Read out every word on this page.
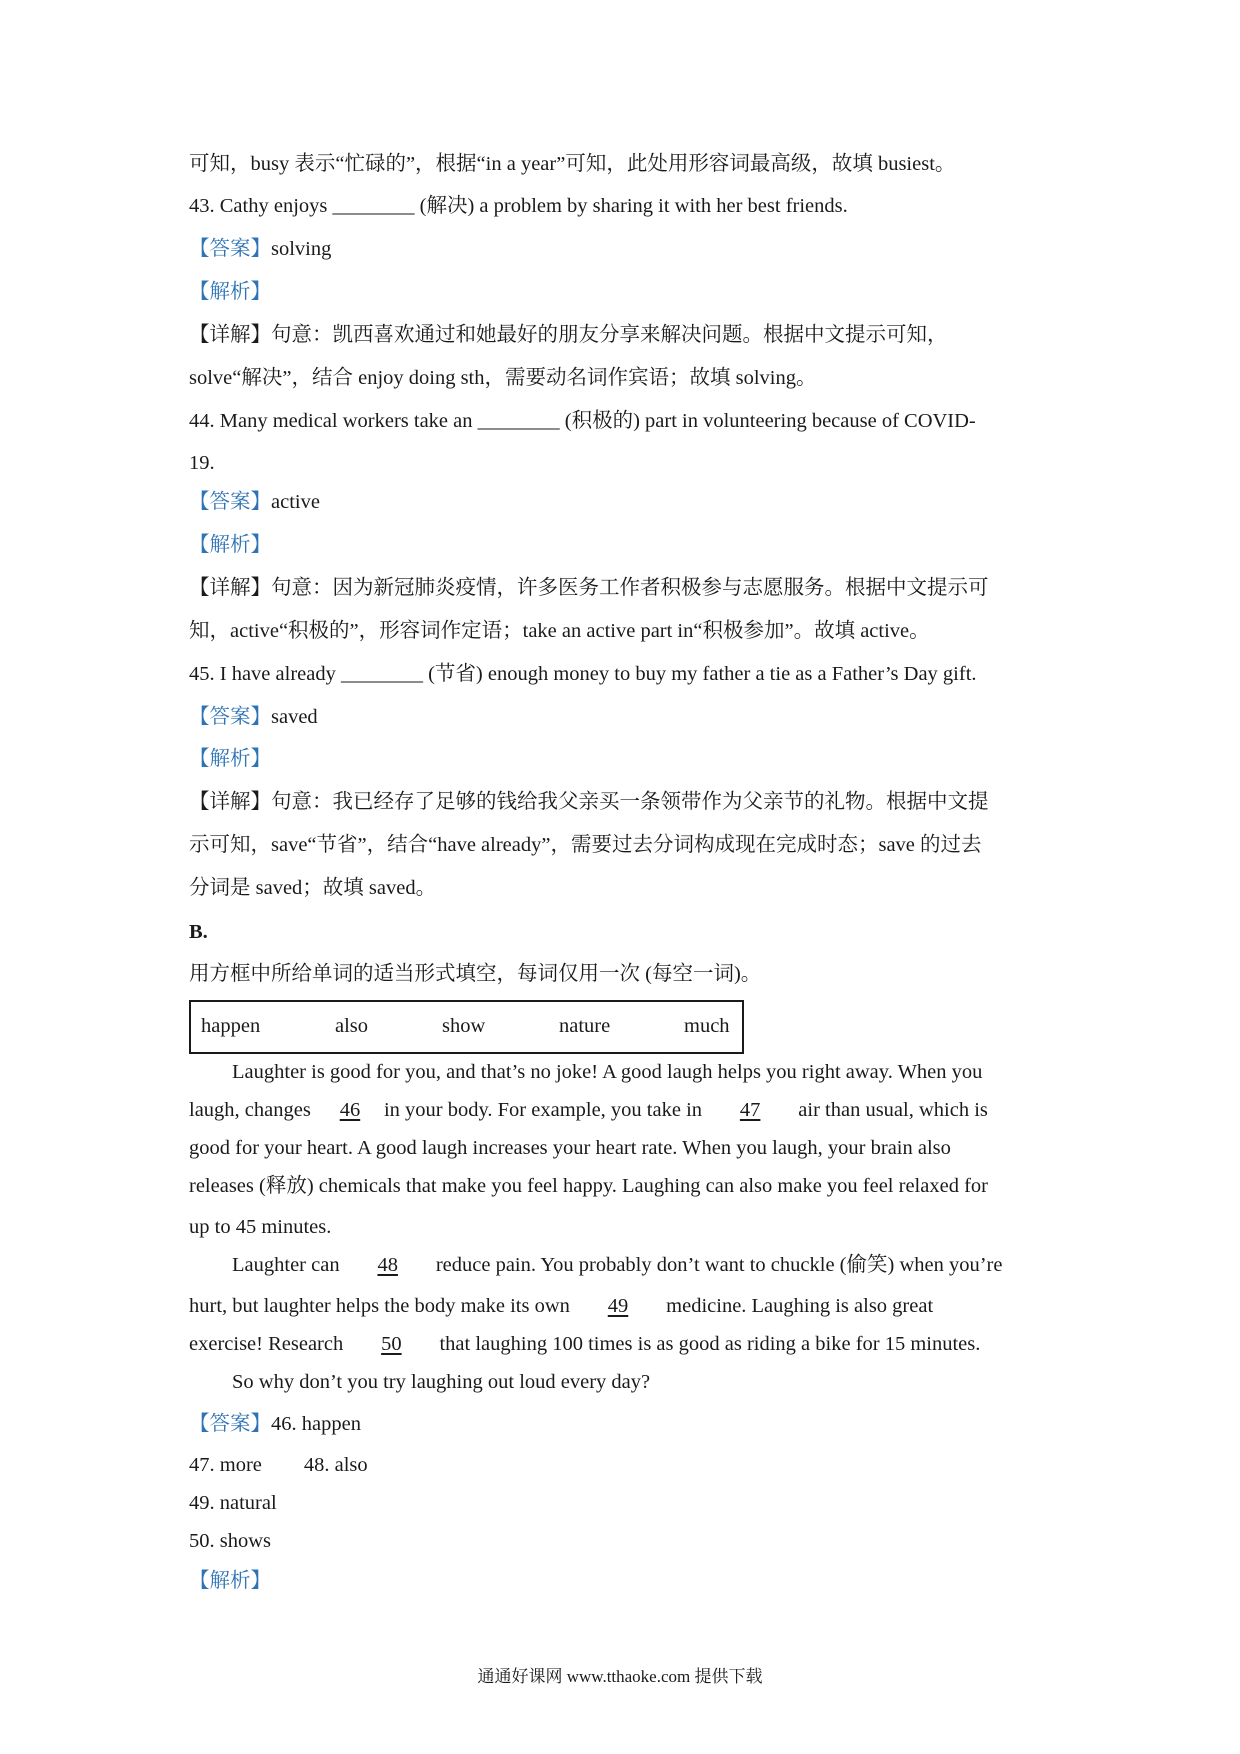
可知，busy 表示“忙碌的”，根据“in a year”可知，此处用形容词最高级，故填 busiest。
43. Cathy enjoys ________ (解决) a problem by sharing it with her best friends.
【答案】solving
【解析】
【详解】句意：凯西喜欢通过和她最好的朋友分享来解决问题。根据中文提示可知，
solve“解决”，结合 enjoy doing sth，需要动名词作宾语；故填 solving。
44. Many medical workers take an ________ (积极的) part in volunteering because of COVID-
19.
【答案】active
【解析】
【详解】句意：因为新冠肺炎疫情，许多医务工作者积极参与志愿服务。根据中文提示可
知，active“积极的”，形容词作定语；take an active part in“积极参加”。故填 active。
45. I have already ________ (节省) enough money to buy my father a tie as a Father’s Day gift.
【答案】saved
【解析】
【详解】句意：我已经存了足够的钱给我父亲买一条领带作为父亲节的礼物。根据中文提
示可知，save“节省”，结合“have already”，需要过去分词构成现在完成时态；save 的过去
分词是 saved；故填 saved。
B.
用方框中所给单词的适当形式填空，每词仅用一次 (每空一词)。
happen	also	show	nature	much
Laughter is good for you, and that’s no joke! A good laugh helps you right away. When you
laugh, changes 46 in your body. For example, you take in 47 air than usual, which is
good for your heart. A good laugh increases your heart rate. When you laugh, your brain also
releases (释放) chemicals that make you feel happy. Laughing can also make you feel relaxed for
up to 45 minutes.
Laughter can 48 reduce pain. You probably don’t want to chuckle (偷笑) when you’re
hurt, but laughter helps the body make its own 49 medicine. Laughing is also great
exercise! Research 50 that laughing 100 times is as good as riding a bike for 15 minutes.
So why don’t you try laughing out loud every day?
【答案】46. happen
47. more 48. also
49. natural
50. shows
【解析】
通通好课网 www.tthaoke.com 提供下载
